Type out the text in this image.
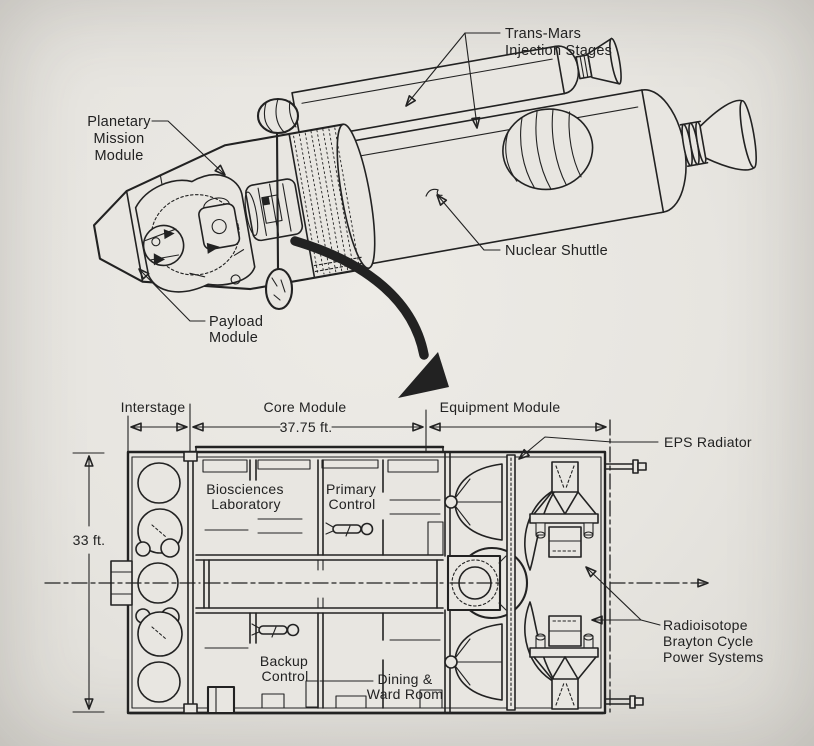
Trans-Mars
Injection Stages
Planetary
Mission
Module
Payload
Module
Nuclear Shuttle
Biosciences
Laboratory
Primary
Control
Backup
Control	Dining &
Ward Room
Interstage	Core Module
37.75 ft.
Equipment Module
33 ft.
EPS Radiator
Radioisotope
Brayton Cycle
Power Systems
